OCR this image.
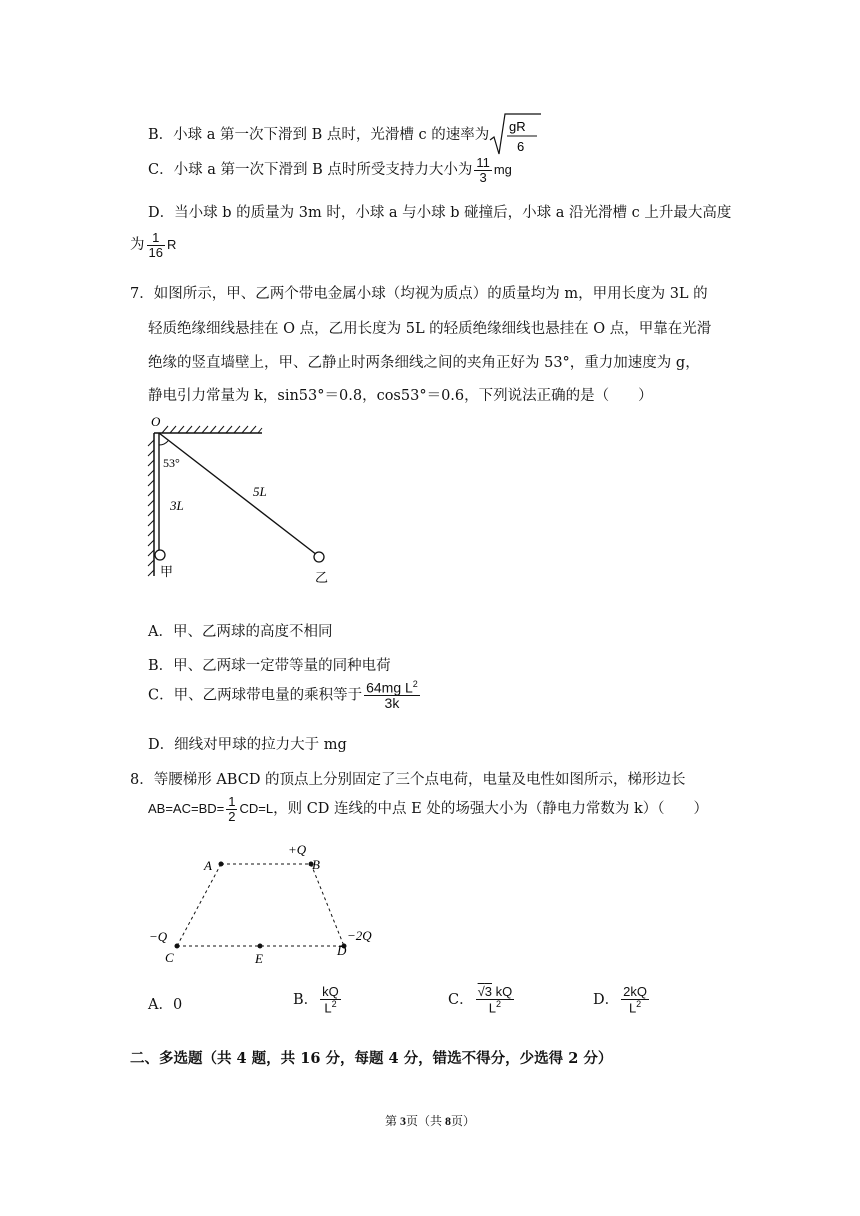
B．小球 a 第一次下滑到 B 点时，光滑槽 c 的速率为
gR
6
C．小球 a 第一次下滑到 B 点时所受支持力大小为 $\frac{11}{3}$ mg
D．当小球 b 的质量为 3m 时，小球 a 与小球 b 碰撞后，小球 a 沿光滑槽 c 上升最大高度
为 $\frac{1}{16}$ R
7．如图所示，甲、乙两个带电金属小球（均视为质点）的质量均为 m，甲用长度为 3L 的
轻质绝缘细线悬挂在 O 点，乙用长度为 5L 的轻质绝缘细线也悬挂在 O 点，甲靠在光滑
绝缘的竖直墙壁上，甲、乙静止时两条细线之间的夹角正好为 53°，重力加速度为 g，
静电引力常量为 k，sin53°＝0.8，cos53°＝0.6，下列说法正确的是（　　）
O
53°
3L
5L
甲	乙
A．甲、乙两球的高度不相同
B．甲、乙两球一定带等量的同种电荷
C．甲、乙两球带电量的乘积等于 $\frac{64mg L^2}{3k}$
D．细线对甲球的拉力大于 mg
8．等腰梯形 ABCD 的顶点上分别固定了三个点电荷，电量及电性如图所示，梯形边长
$AB=AC=BD= \frac{1}{2} CD=L$，则 CD 连线的中点 E 处的场强大小为（静电力常数为 k）（　　）
A	B
+Q
C
−Q
E
D
−2Q
A．0	B． $\frac{kQ}{L^2}$	C． $\frac{√3 kQ}{L^2}$	D． $\frac{2kQ}{L^2}$
二、多选题（共 4 题，共 16 分，每题 4 分，错选不得分，少选得 2 分）
第 3页（共 8页）
